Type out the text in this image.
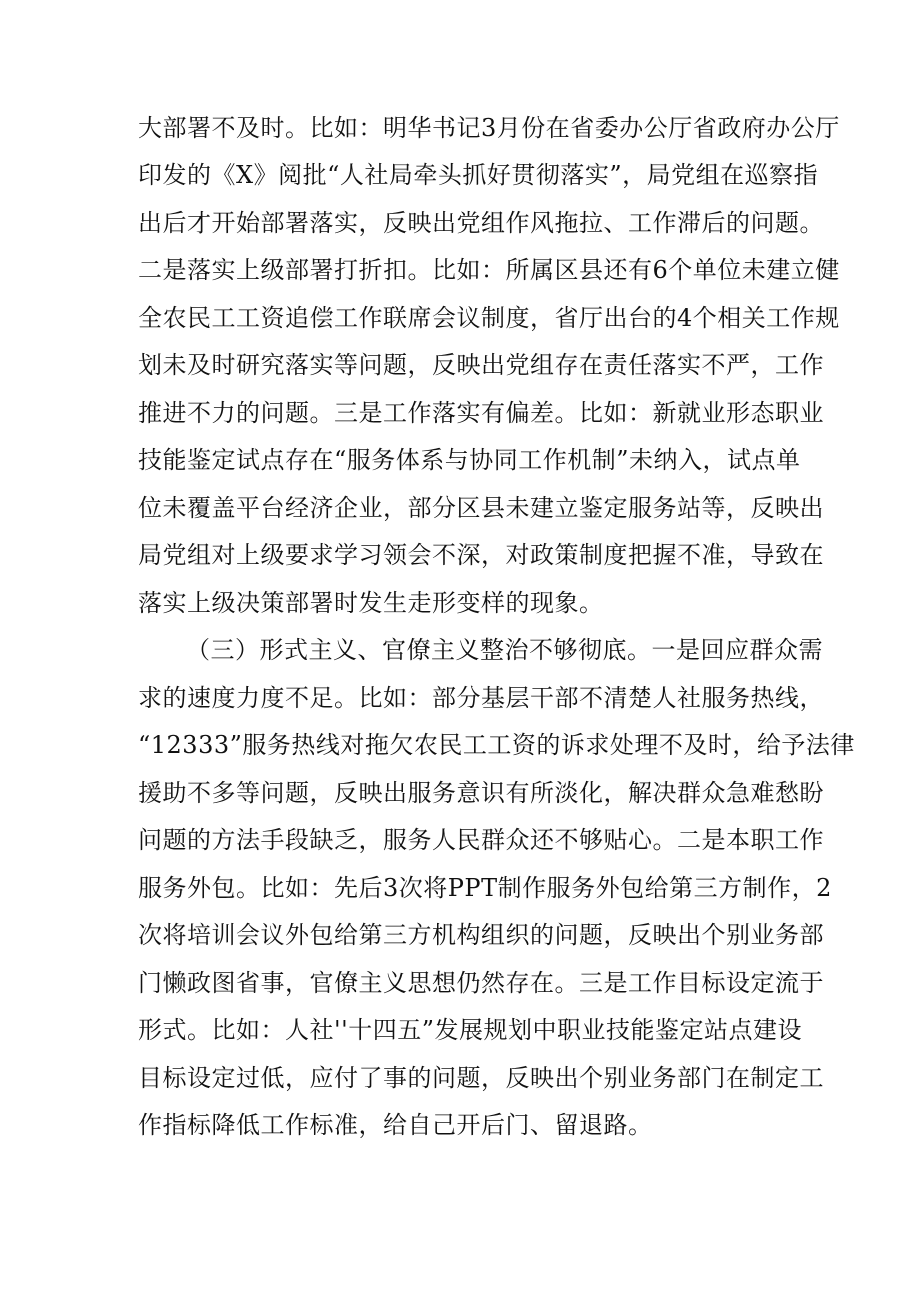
大部署不及时。比如：明华书记3月份在省委办公厅省政府办公厅
印发的《X》阅批“人社局牵头抓好贯彻落实”，局党组在巡察指
出后才开始部署落实，反映出党组作风拖拉、工作滞后的问题。
二是落实上级部署打折扣。比如：所属区县还有6个单位未建立健
全农民工工资追偿工作联席会议制度，省厅出台的4个相关工作规
划未及时研究落实等问题，反映出党组存在责任落实不严，工作
推进不力的问题。三是工作落实有偏差。比如：新就业形态职业
技能鉴定试点存在“服务体系与协同工作机制”未纳入，试点单
位未覆盖平台经济企业，部分区县未建立鉴定服务站等，反映出
局党组对上级要求学习领会不深，对政策制度把握不准，导致在
落实上级决策部署时发生走形变样的现象。
（三）形式主义、官僚主义整治不够彻底。一是回应群众需
求的速度力度不足。比如：部分基层干部不清楚人社服务热线，
“12333”服务热线对拖欠农民工工资的诉求处理不及时，给予法律
援助不多等问题，反映出服务意识有所淡化，解决群众急难愁盼
问题的方法手段缺乏，服务人民群众还不够贴心。二是本职工作
服务外包。比如：先后3次将PPT制作服务外包给第三方制作，2
次将培训会议外包给第三方机构组织的问题，反映出个别业务部
门懒政图省事，官僚主义思想仍然存在。三是工作目标设定流于
形式。比如：人社''十四五”发展规划中职业技能鉴定站点建设
目标设定过低，应付了事的问题，反映出个别业务部门在制定工
作指标降低工作标准，给自己开后门、留退路。
